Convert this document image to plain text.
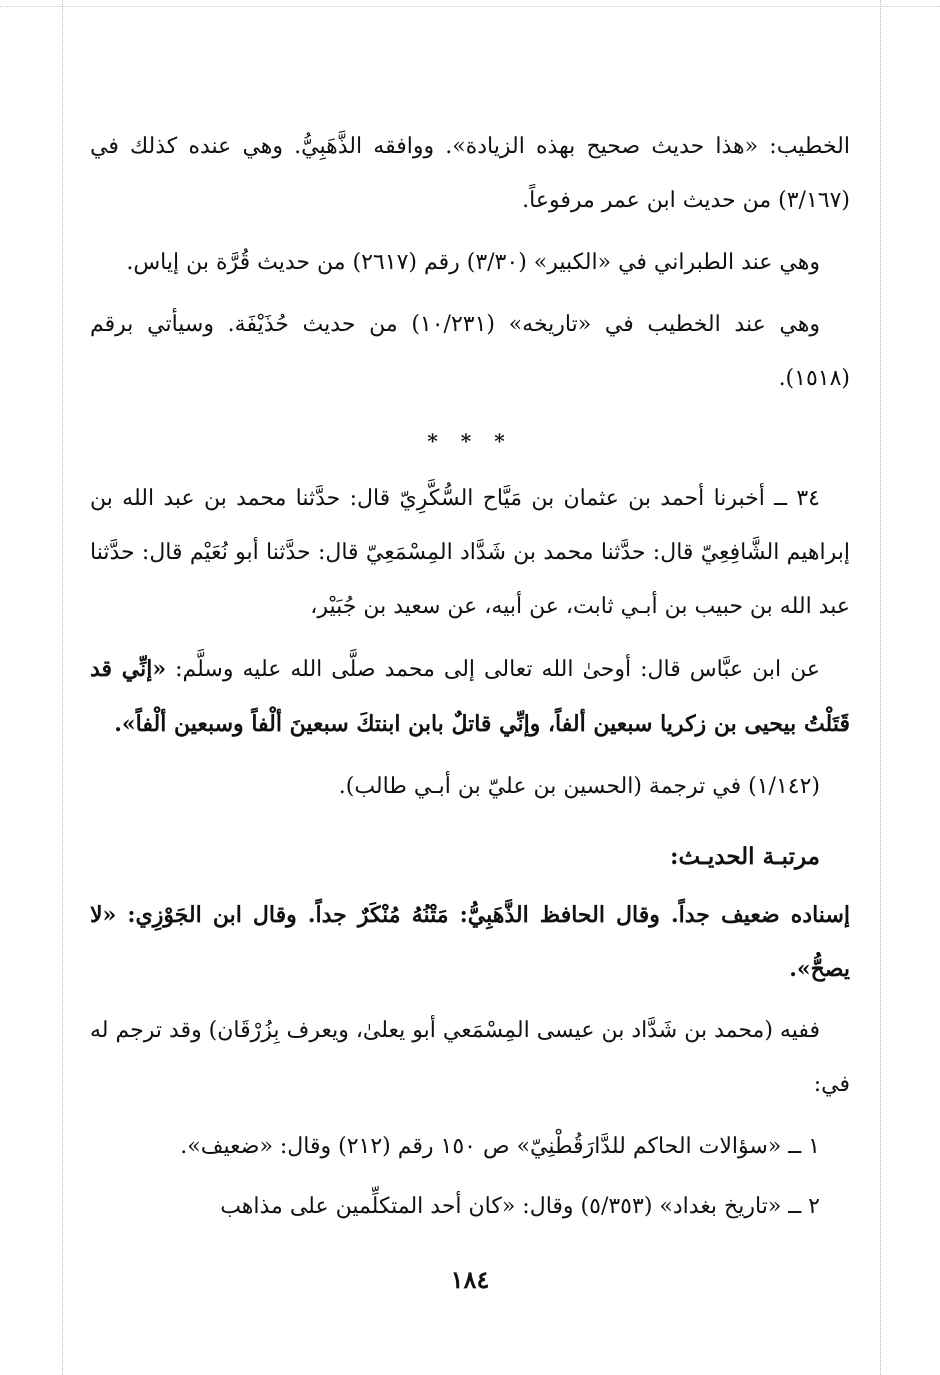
الخطيب: «هذا حديث صحيح بهذه الزيادة». ووافقه الذَّهَبِيُّ. وهي عنده كذلك في (٣/١٦٧) من حديث ابن عمر مرفوعاً.

وهي عند الطبراني في «الكبير» (٣/٣٠) رقم (٢٦١٧) من حديث قُرَّة بن إياس.

وهي عند الخطيب في «تاريخه» (١٠/٢٣١) من حديث حُذَيْفَة. وسيأتي برقم (١٥١٨).

* * *

٣٤ ــ أخبرنا أحمد بن عثمان بن مَيَّاح السُّكَّرِيّ قال: حدَّثنا محمد بن عبد الله بن إبراهيم الشَّافِعِيّ قال: حدَّثنا محمد بن شَدَّاد المِسْمَعِيّ قال: حدَّثنا أبو نُعَيْم قال: حدَّثنا عبد الله بن حبيب بن أبـي ثابت، عن أبيه، عن سعيد بن جُبَيْر،

عن ابن عبَّاس قال: أوحىٰ الله تعالى إلى محمد صلَّى الله عليه وسلَّم: «إنِّي قد قَتَلْتُ بيحيى بن زكريا سبعين ألفاً، وإنِّي قاتلٌ بابن ابنتكَ سبعينَ ألْفاً وسبعين ألْفاً».

(١/١٤٢) في ترجمة (الحسين بن عليّ بن أبـي طالب).

مرتبـة الحديـث:

إسناده ضعيف جداً. وقال الحافظ الذَّهَبِيُّ: مَتْنُهُ مُنْكَرٌ جداً. وقال ابن الجَوْزِي: «لا يصحُّ».

ففيه (محمد بن شَدَّاد بن عيسى المِسْمَعي أبو يعلىٰ، ويعرف بِزُرْقَان) وقد ترجم له في:

١ ــ «سؤالات الحاكم للدَّارَقُطْنِيّ» ص ١٥٠ رقم (٢١٢) وقال: «ضعيف».

٢ ــ «تاريخ بغداد» (٥/٣٥٣) وقال: «كان أحد المتكلِّمين على مذاهب

١٨٤
